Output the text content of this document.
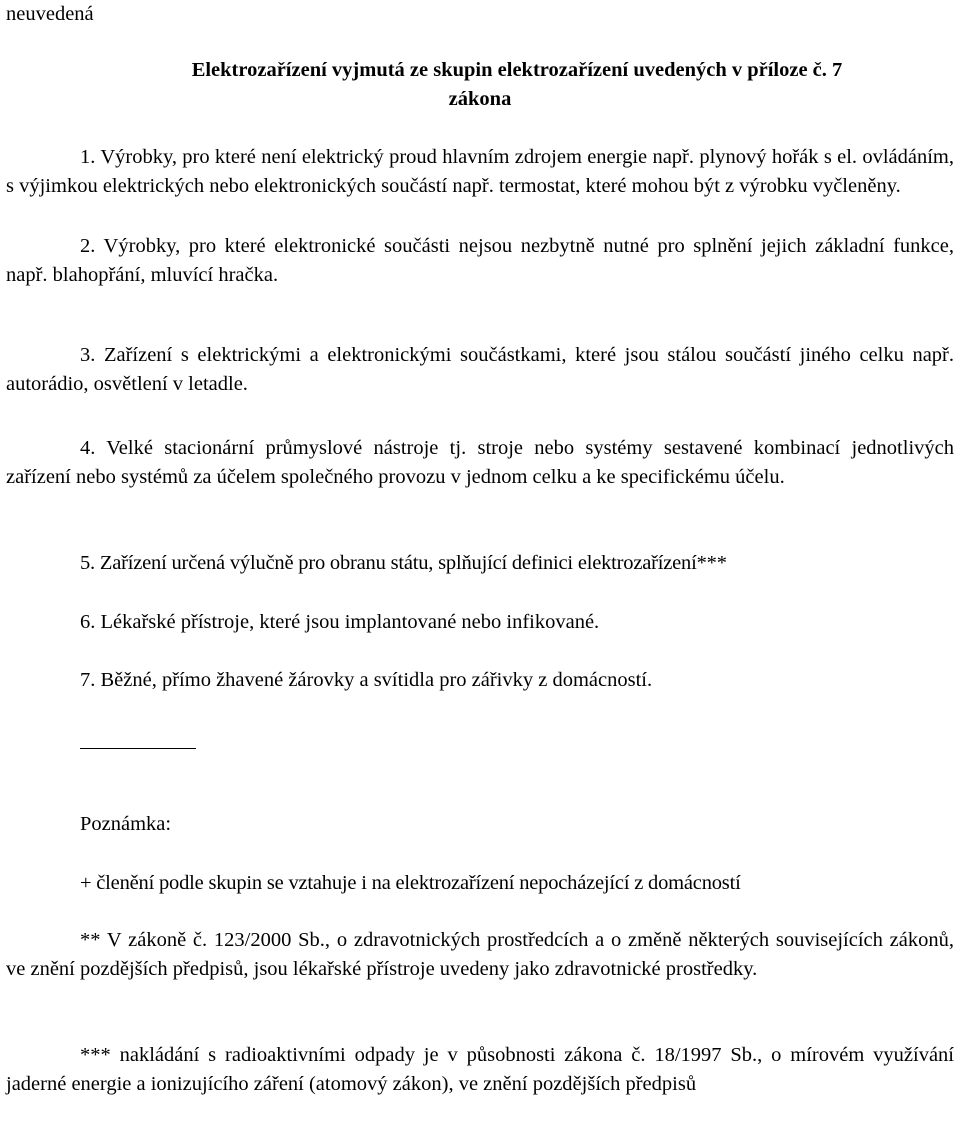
neuvedená

Elektrozařízení vyjmutá ze skupin elektrozařízení uvedených v příloze č. 7
zákona

1. Výrobky, pro které není elektrický proud hlavním zdrojem energie např. plynový hořák s el. ovládáním, s výjimkou elektrických nebo elektronických součástí např. termostat, které mohou být z výrobku vyčleněny.

2. Výrobky, pro které elektronické součásti nejsou nezbytně nutné pro splnění jejich základní funkce, např. blahopřání, mluvící hračka.

3. Zařízení s elektrickými a elektronickými součástkami, které jsou stálou součástí jiného celku např. autorádio, osvětlení v letadle.

4. Velké stacionární průmyslové nástroje tj. stroje nebo systémy sestavené kombinací jednotlivých zařízení nebo systémů za účelem společného provozu v jednom celku a ke specifickému účelu.

5. Zařízení určená výlučně pro obranu státu, splňující definici elektrozařízení***

6. Lékařské přístroje, které jsou implantované nebo infikované.

7. Běžné, přímo žhavené žárovky a svítidla pro zářivky z domácností.

Poznámka:

+ členění podle skupin se vztahuje i na elektrozařízení nepocházející z domácností

** V zákoně č. 123/2000 Sb., o zdravotnických prostředcích a o změně některých souvisejících zákonů, ve znění pozdějších předpisů, jsou lékařské přístroje uvedeny jako zdravotnické prostředky.

*** nakládání s radioaktivními odpady je v působnosti zákona č. 18/1997 Sb., o mírovém využívání jaderné energie a ionizujícího záření (atomový zákon), ve znění pozdějších předpisů
